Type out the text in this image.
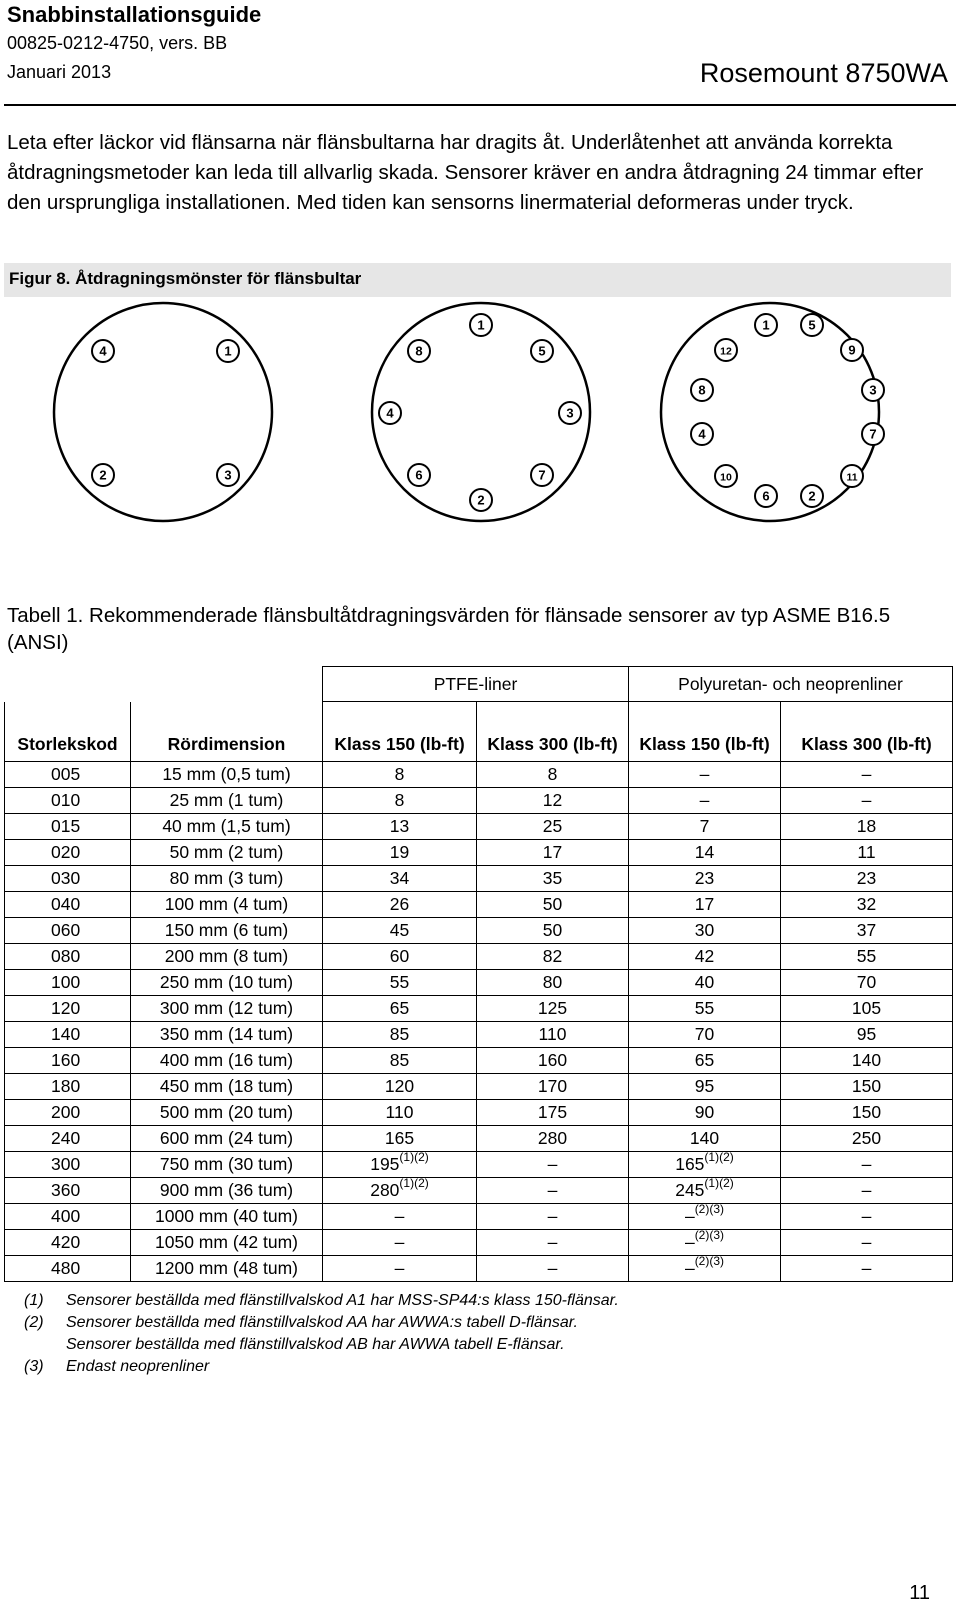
Snabbinstallationsguide
00825-0212-4750, vers. BB
Januari 2013	Rosemount 8750WA
Leta efter läckor vid flänsarna när flänsbultarna har dragits åt. Underlåtenhet att använda korrekta åtdragningsmetoder kan leda till allvarlig skada. Sensorer kräver en andra åtdragning 24 timmar efter den ursprungliga installationen. Med tiden kan sensorns linermaterial deformeras under tryck.
Figur 8. Åtdragningsmönster för flänsbultar
1
2	3
4
1
2
3
4
5
6	7
8
1
2
3
4
5
6
7
8
9
10	11
12
Tabell 1. Rekommenderade flänsbultåtdragningsvärden för flänsade sensorer av typ ASME B16.5 (ANSI)
		PTFE-liner		Polyuretan- och neoprenliner	
Storlekskod	Rördimension	Klass 150 (lb-ft)	Klass 300 (lb-ft)	Klass 150 (lb-ft)	Klass 300 (lb-ft)
005	15 mm (0,5 tum)	8	8	–	–
010	25 mm (1 tum)	8	12	–	–
015	40 mm (1,5 tum)	13	25	7	18
020	50 mm (2 tum)	19	17	14	11
030	80 mm (3 tum)	34	35	23	23
040	100 mm (4 tum)	26	50	17	32
060	150 mm (6 tum)	45	50	30	37
080	200 mm (8 tum)	60	82	42	55
100	250 mm (10 tum)	55	80	40	70
120	300 mm (12 tum)	65	125	55	105
140	350 mm (14 tum)	85	110	70	95
160	400 mm (16 tum)	85	160	65	140
180	450 mm (18 tum)	120	170	95	150
200	500 mm (20 tum)	110	175	90	150
240	600 mm (24 tum)	165	280	140	250
300	750 mm (30 tum)	$195^{(1)(2)}$	–	$165^{(1)(2)}$	–
360	900 mm (36 tum)	$280^{(1)(2)}$	–	$245^{(1)(2)}$	–
400	1000 mm (40 tum)	–	–	–$^{(2)(3)}$	–
420	1050 mm (42 tum)	–	–	–$^{(2)(3)}$	–
480	1200 mm (48 tum)	–	–	–$^{(2)(3)}$	–
(1) Sensorer beställda med flänstillvalskod A1 har MSS-SP44:s klass 150-flänsar.
(2) Sensorer beställda med flänstillvalskod AA har AWWA:s tabell D-flänsar.
Sensorer beställda med flänstillvalskod AB har AWWA tabell E-flänsar.
(3) Endast neoprenliner
11
